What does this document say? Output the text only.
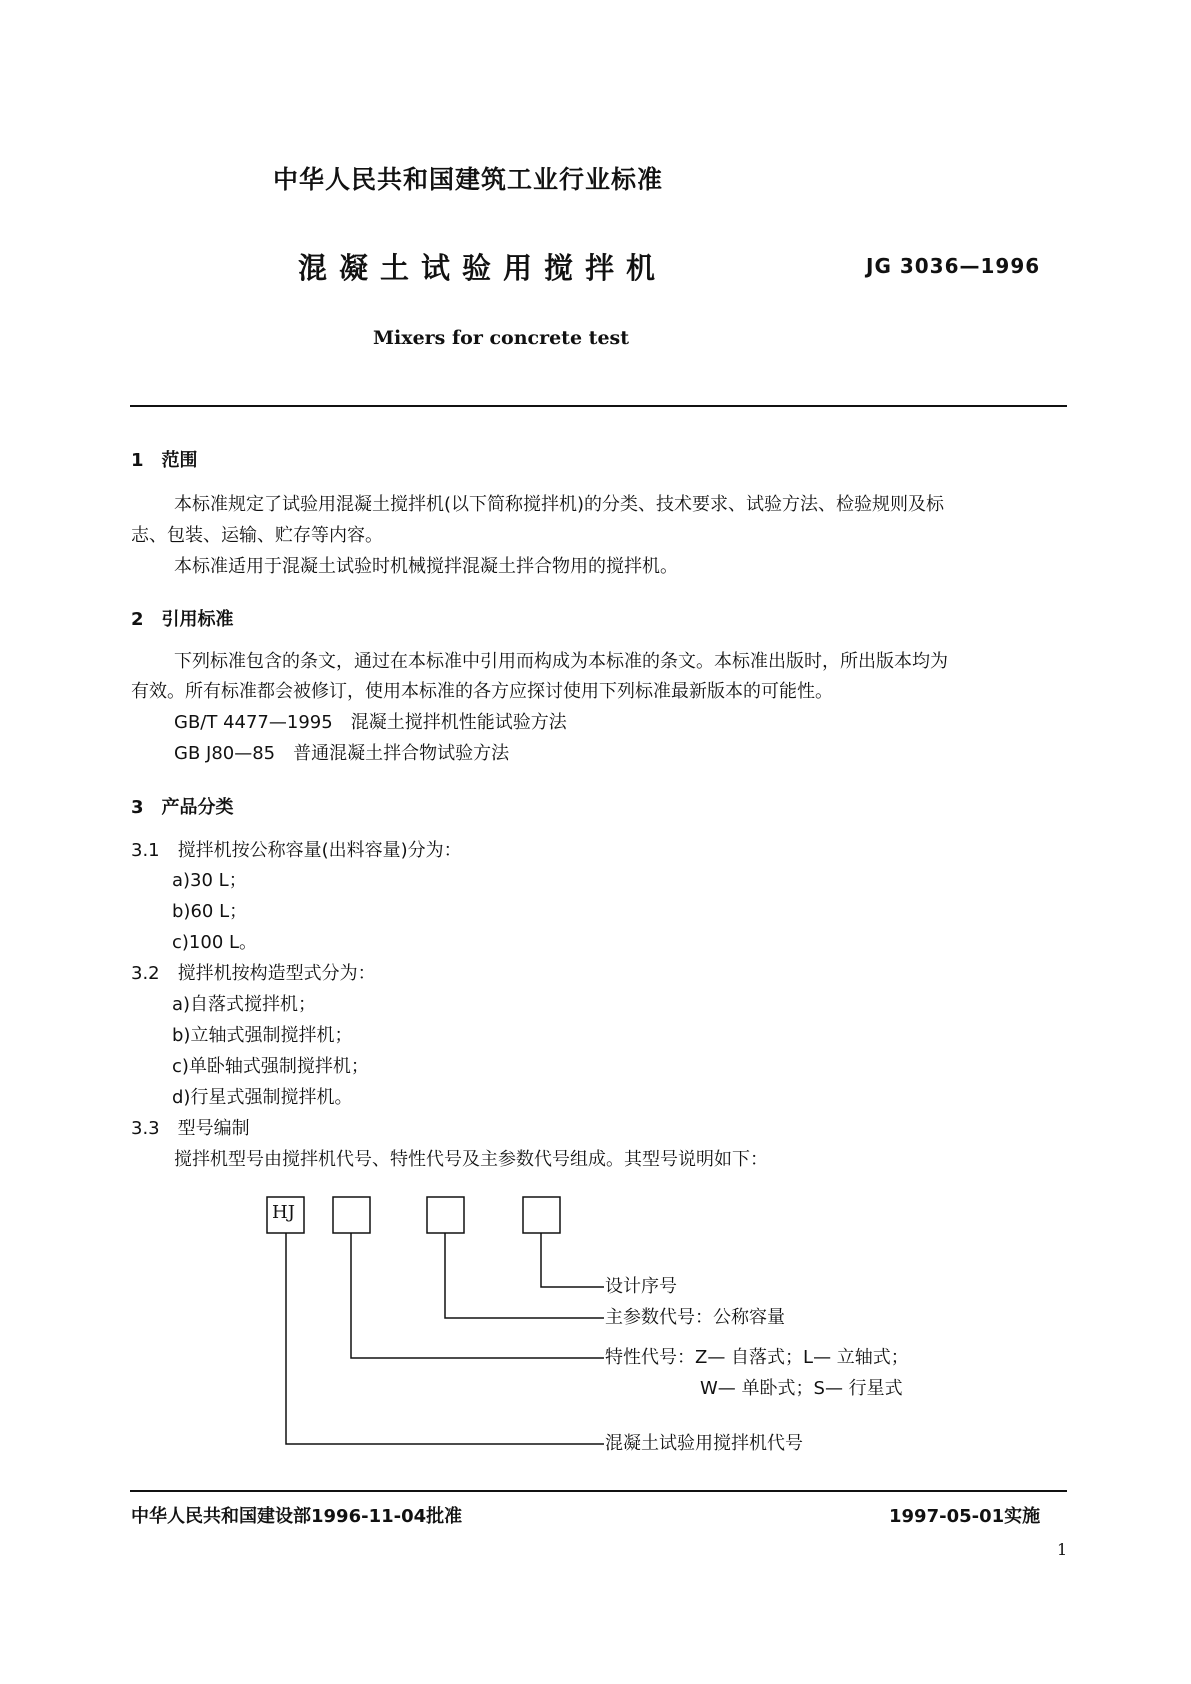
中华人民共和国建筑工业行业标准
混凝土试验用搅拌机	JG 3036—1996
Mixers for concrete test
1　范围
本标准规定了试验用混凝土搅拌机(以下简称搅拌机)的分类、技术要求、试验方法、检验规则及标
志、包装、运输、贮存等内容。
本标准适用于混凝土试验时机械搅拌混凝土拌合物用的搅拌机。
2　引用标准
下列标准包含的条文，通过在本标准中引用而构成为本标准的条文。本标准出版时，所出版本均为
有效。所有标准都会被修订，使用本标准的各方应探讨使用下列标准最新版本的可能性。
GB/T 4477—1995　混凝土搅拌机性能试验方法
GB J80—85　普通混凝土拌合物试验方法
3　产品分类
3.1　搅拌机按公称容量(出料容量)分为：
a)30 L；
b)60 L；
c)100 L。
3.2　搅拌机按构造型式分为：
a)自落式搅拌机；
b)立轴式强制搅拌机；
c)单卧轴式强制搅拌机；
d)行星式强制搅拌机。
3.3　型号编制
搅拌机型号由搅拌机代号、特性代号及主参数代号组成。其型号说明如下：
HJ
设计序号
主参数代号：公称容量
特性代号：Z— 自落式；L— 立轴式；
W— 单卧式；S— 行星式
混凝土试验用搅拌机代号
中华人民共和国建设部1996-11-04批准	1997-05-01实施
1
